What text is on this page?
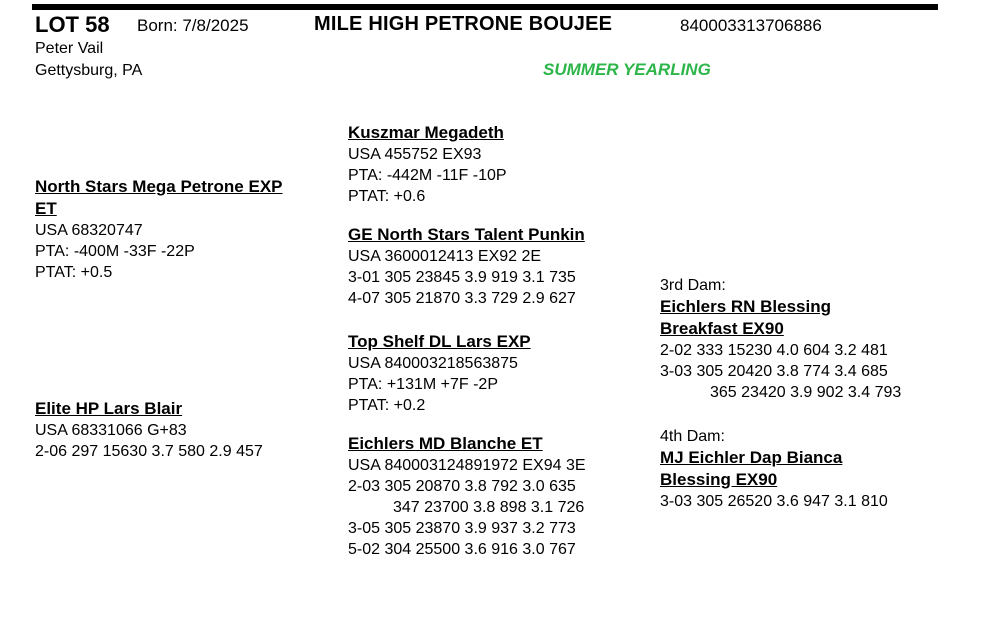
LOT 58 Born: 7/8/2025	MILE HIGH PETRONE BOUJEE	840003313706886
Peter Vail
Gettysburg, PA	SUMMER YEARLING
North Stars Mega Petrone EXP
ET
USA 68320747
PTA: -400M -33F -22P
PTAT: +0.5
Elite HP Lars Blair
USA 68331066 G+83
2-06 297 15630 3.7 580 2.9 457
Kuszmar Megadeth
USA 455752 EX93
PTA: -442M -11F -10P
PTAT: +0.6
GE North Stars Talent Punkin
USA 3600012413 EX92 2E
3-01 305 23845 3.9 919 3.1 735
4-07 305 21870 3.3 729 2.9 627
Top Shelf DL Lars EXP
USA 840003218563875
PTA: +131M +7F -2P
PTAT: +0.2
Eichlers MD Blanche ET
USA 840003124891972 EX94 3E
2-03 305 20870 3.8 792 3.0 635
347 23700 3.8 898 3.1 726
3-05 305 23870 3.9 937 3.2 773
5-02 304 25500 3.6 916 3.0 767
3rd Dam:
Eichlers RN Blessing
Breakfast EX90
2-02 333 15230 4.0 604 3.2 481
3-03 305 20420 3.8 774 3.4 685
365 23420 3.9 902 3.4 793
4th Dam:
MJ Eichler Dap Bianca
Blessing EX90
3-03 305 26520 3.6 947 3.1 810
